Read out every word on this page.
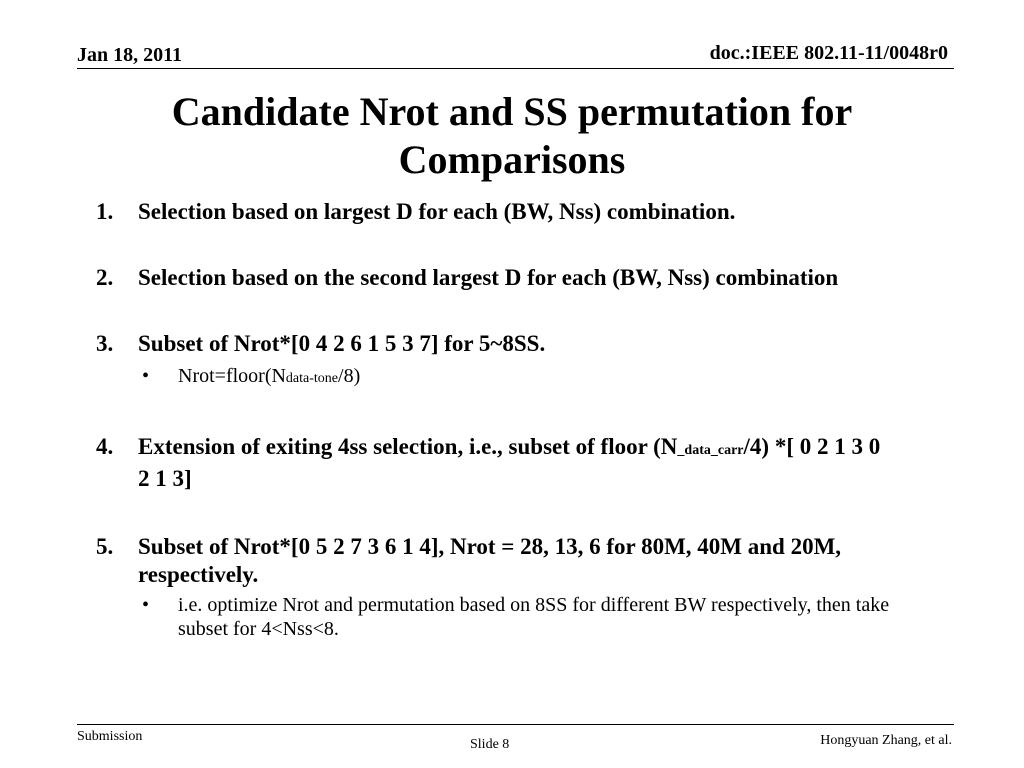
Jan 18, 2011	doc.:IEEE 802.11-11/0048r0
Candidate Nrot and SS permutation for Comparisons
1. Selection based on largest D for each (BW, Nss) combination.
2. Selection based on the second largest D for each (BW, Nss) combination
3. Subset of Nrot*[0 4 2 6 1 5 3 7] for 5~8SS.
• Nrot=floor(Ndata-tone/8)
4. Extension of exiting 4ss selection, i.e., subset of floor (N_data_carr/4) *[ 0 2 1 3 0 2 1 3]
5. Subset of Nrot*[0 5 2 7 3 6 1 4], Nrot = 28, 13, 6 for 80M, 40M and 20M, respectively.
• i.e. optimize Nrot and permutation based on 8SS for different BW respectively, then take subset for 4<Nss<8.
Submission
Slide 8	Hongyuan Zhang, et al.
